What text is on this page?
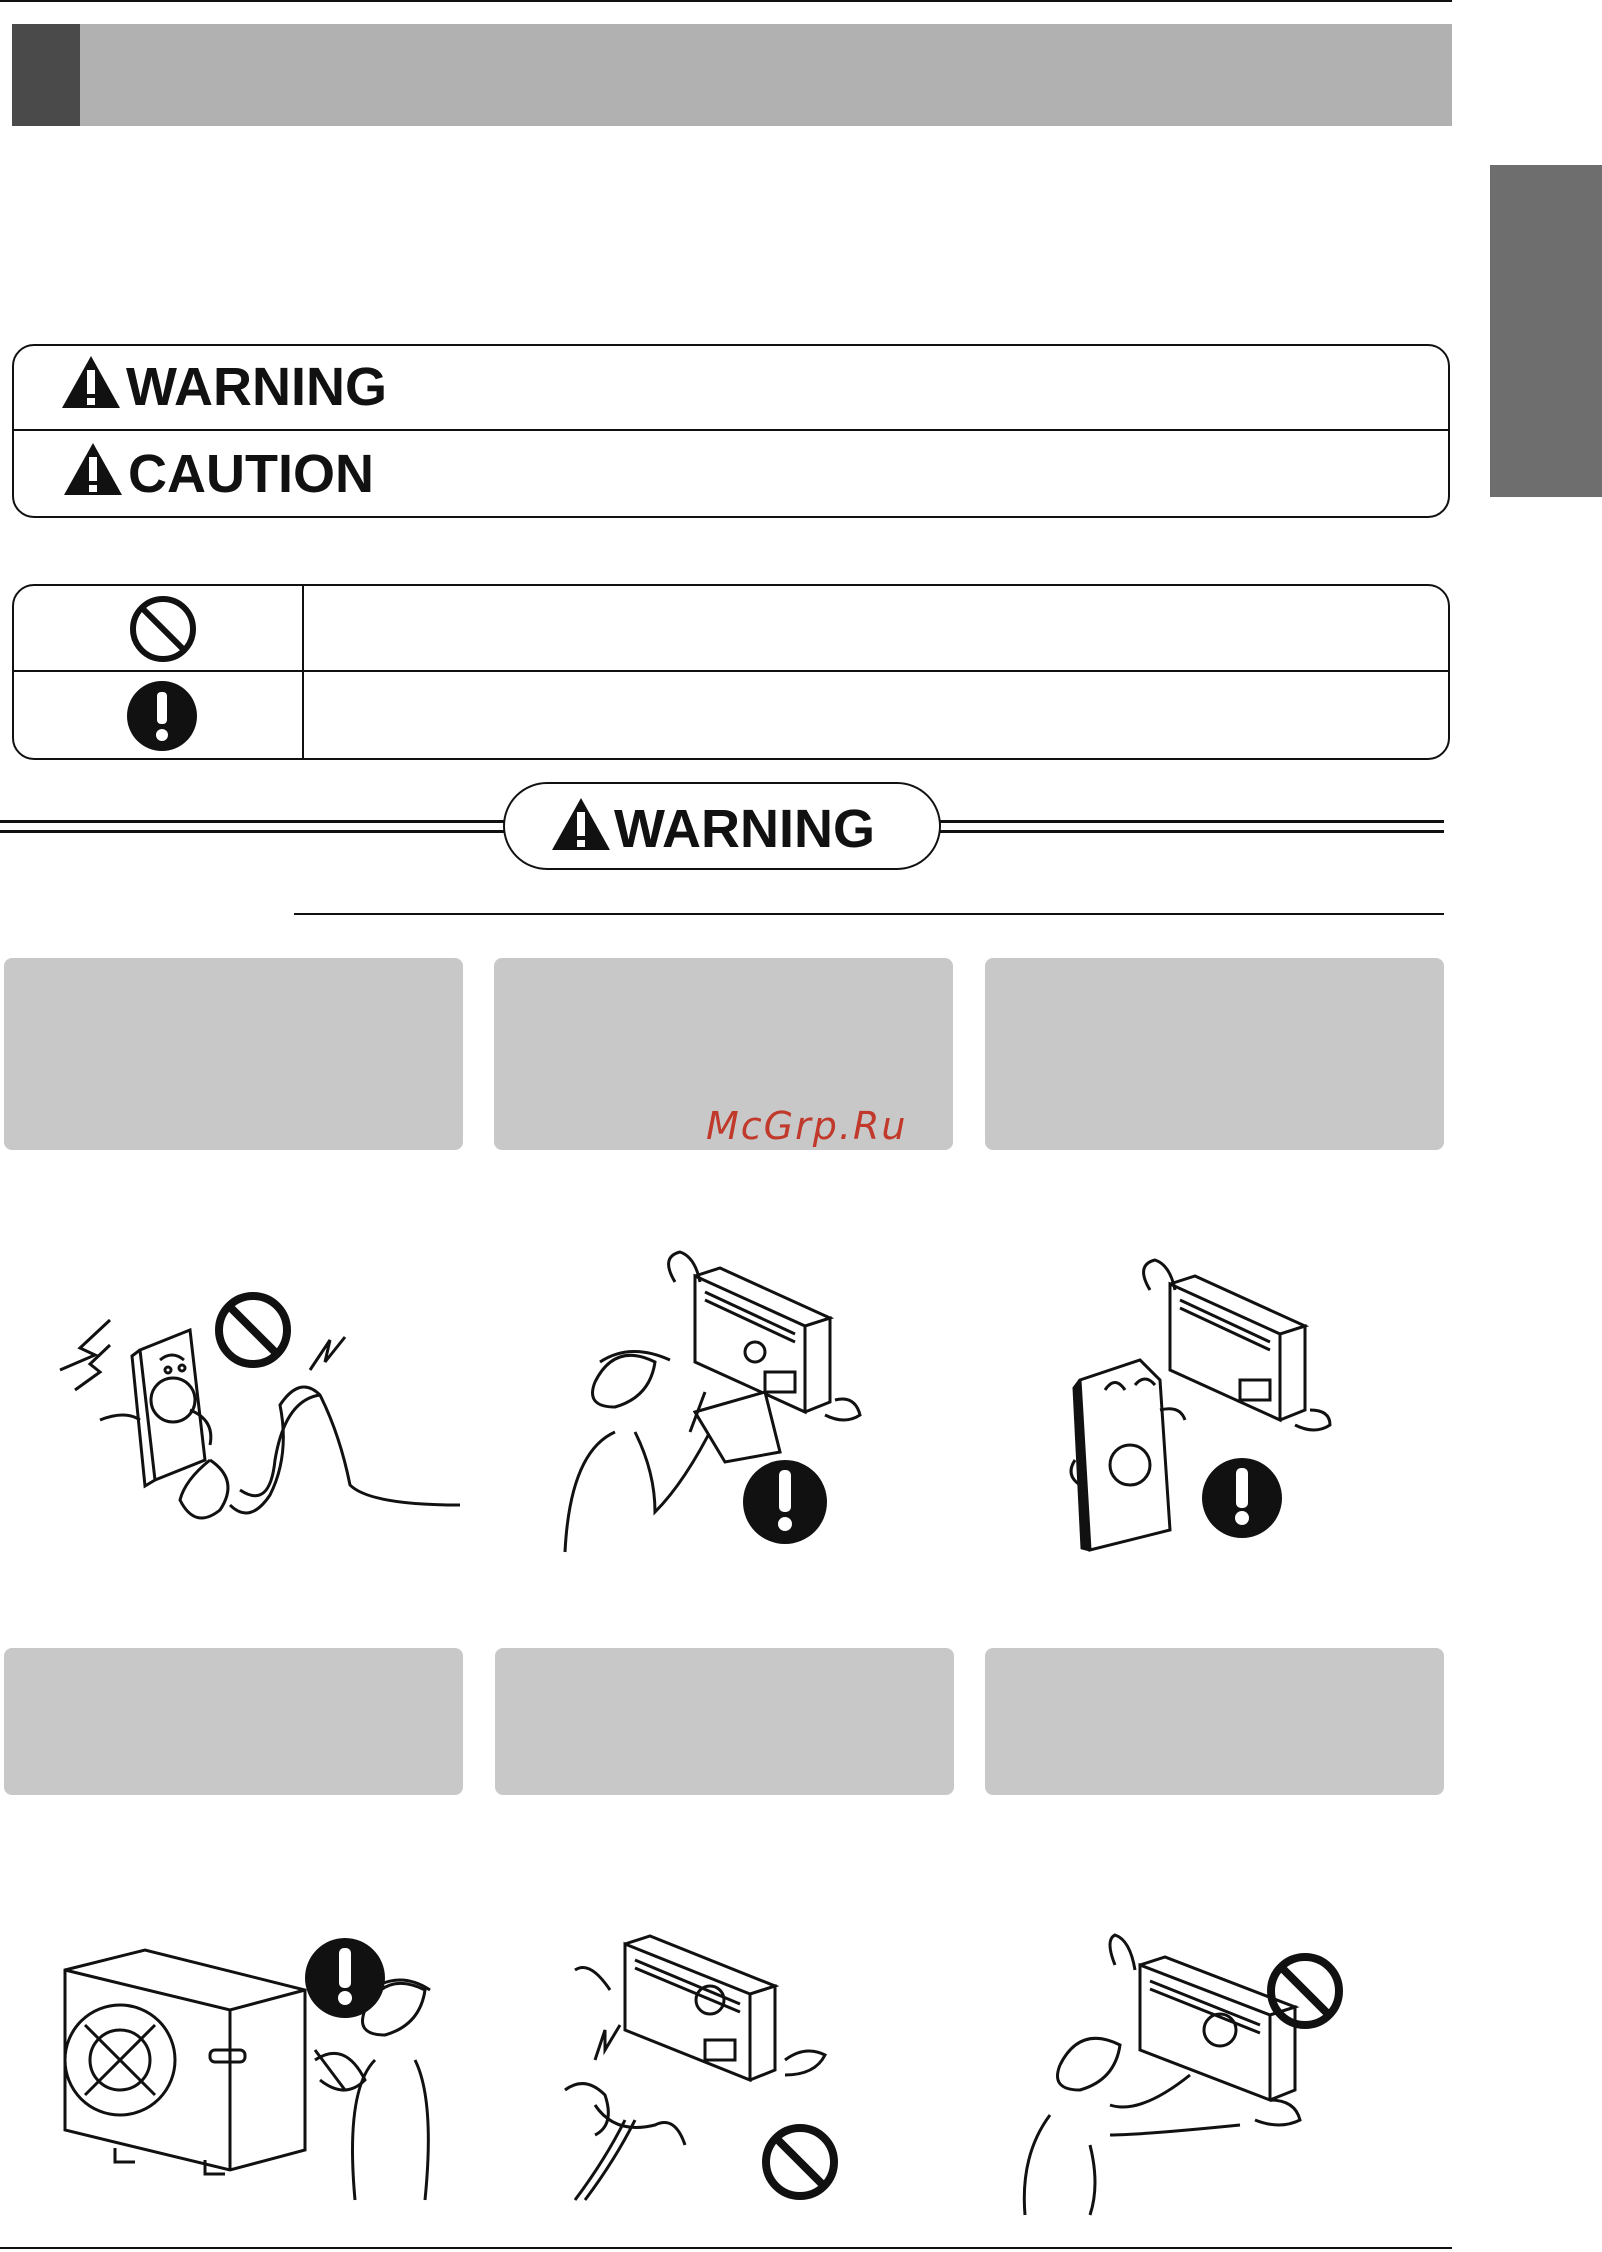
WARNING
CAUTION
WARNING
McGrp.Ru
